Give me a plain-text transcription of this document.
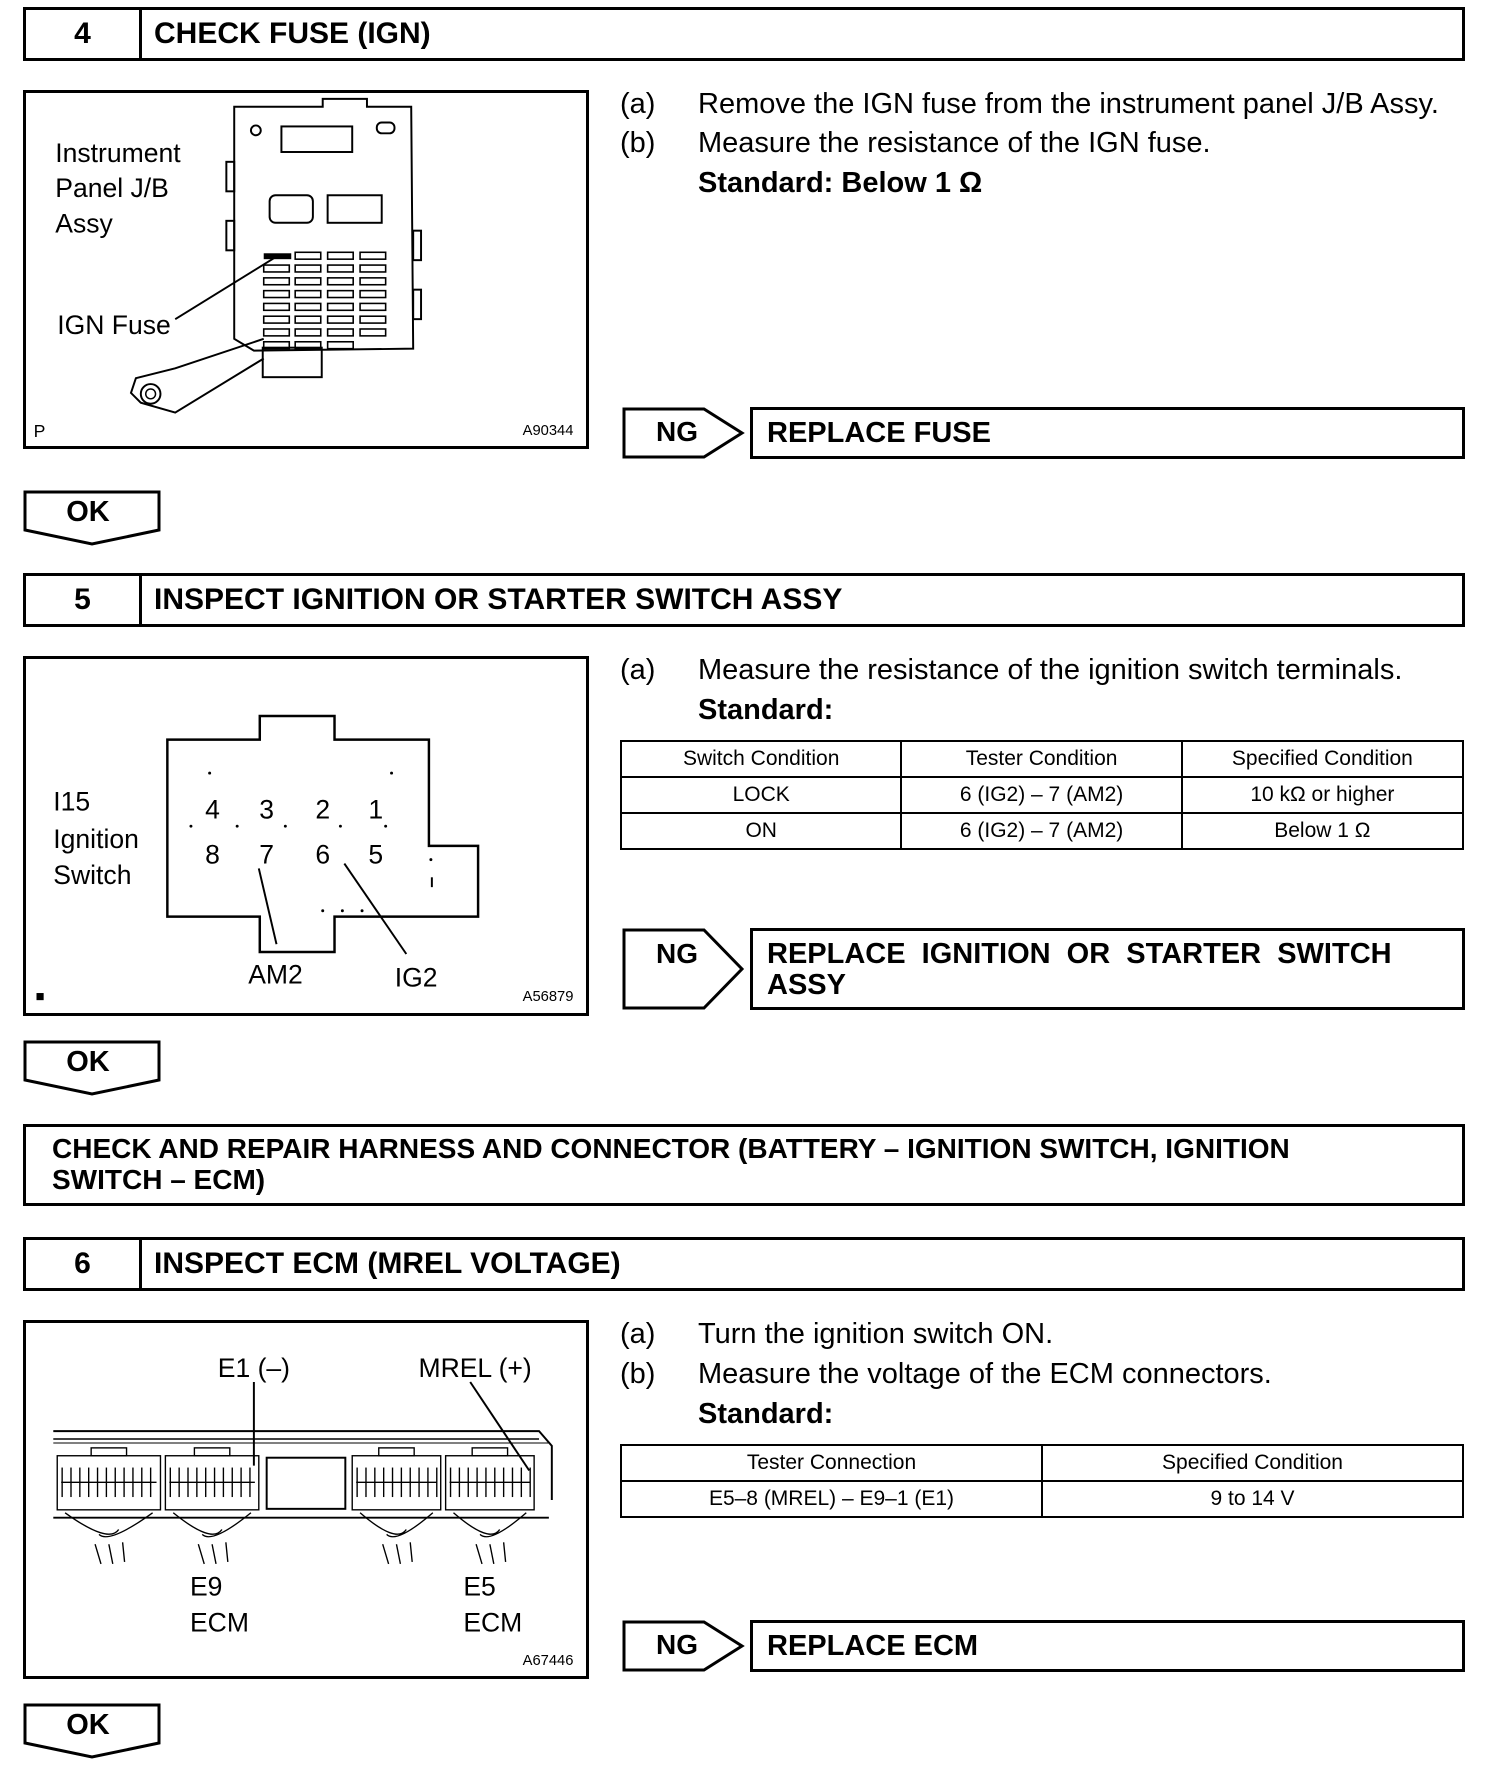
4	CHECK FUSE (IGN)
Instrument
Panel J/B
Assy
IGN Fuse
P	A90344
(a) Remove the IGN fuse from the instrument panel J/B Assy.
(b) Measure the resistance of the IGN fuse.
Standard: Below 1 Ω
NG	REPLACE FUSE
OK
5	INSPECT IGNITION OR STARTER SWITCH ASSY
4 3 2 1
8 7 6 5
I15
Ignition
Switch
AM2	IG2
■	A56879
(a) Measure the resistance of the ignition switch terminals.
Standard:
Switch Condition	Tester Condition	Specified Condition
LOCK	6 (IG2) – 7 (AM2)	10 kΩ or higher
ON	6 (IG2) – 7 (AM2)	Below 1 Ω
NG	REPLACE  IGNITION  OR  STARTER  SWITCH
ASSY
OK
CHECK AND REPAIR HARNESS AND CONNECTOR (BATTERY – IGNITION SWITCH, IGNITION
SWITCH – ECM)
6	INSPECT ECM (MREL VOLTAGE)
E1 (–)	MREL (+)
E9
ECM
E5
ECM
A67446
(a) Turn the ignition switch ON.
(b) Measure the voltage of the ECM connectors.
Standard:
Tester Connection	Specified Condition
E5–8 (MREL) – E9–1 (E1)	9 to 14 V
NG	REPLACE ECM
OK
